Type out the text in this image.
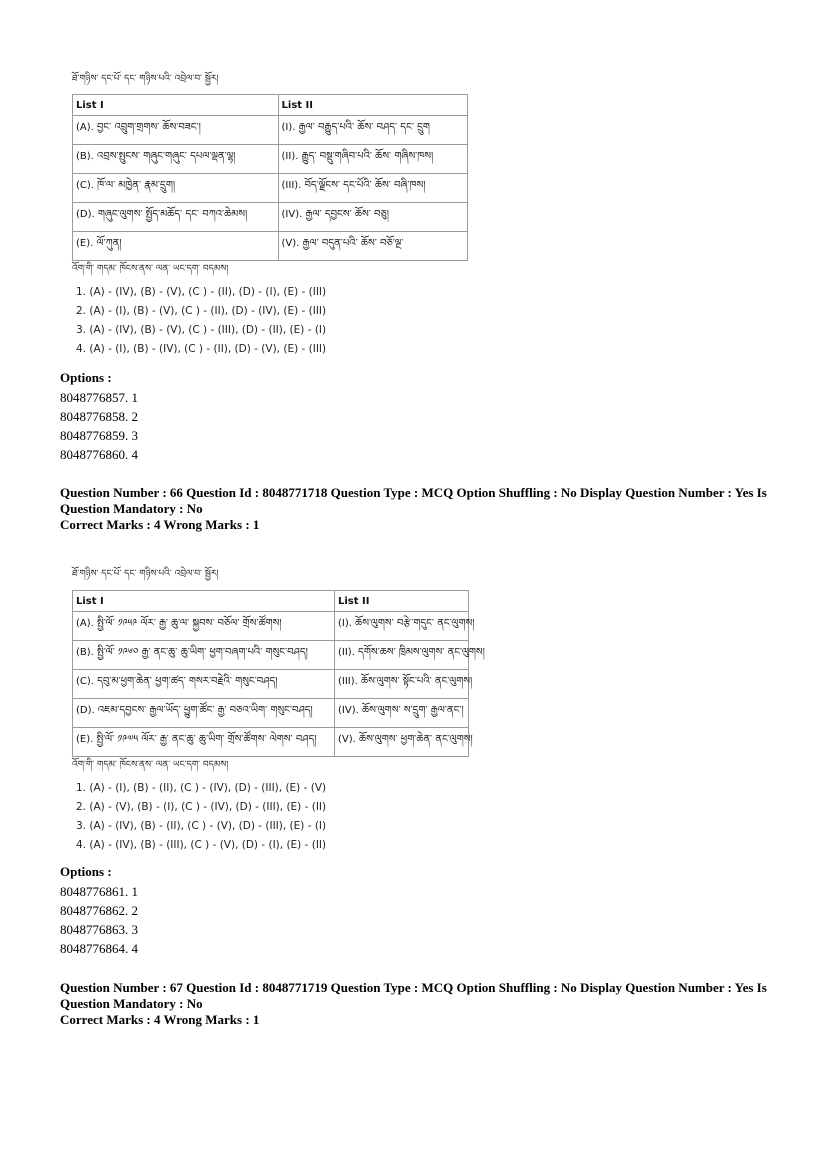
ཐོ་གཉིས་ དང་པོ་ དང་ གཉིས་པའི་ འབྲེལ་བ་ སྦྱོར།
List I	List II
(A). བྱང་ འབྲུག་གྲགས་ ཆོས་བཟང་།	(I). རྒྱལ་ བརྒྱུད་པའི་ ཆོས་ བཤད་ དང་ དྲུག
(B). འབྲས་སྤུངས་ གཞུང་གཞུང་ དཔལ་ལྡན་ལྷ།	(II). རྒྱུད་ བསྡུ་གཞིབ་པའི་ ཆོས་ གཞིས་ཁས།
(C). ཁོ་ལ་ མཁྱེན་ རྣམ་དྲུག།	(III). བོད་ལྗོངས་ དང་པོའི་ ཆོས་ བཞི་ཁས།
(D). གཞུང་ལུགས་ སྤྱོད་མཆོད་ དང་ བཀའ་ཆེམས།	(IV). རྒྱལ་ དབྱངས་ ཆོས་ བཅུ།
(E). ལོ་ཀུན།	(V). རྒྱལ་ བདུན་པའི་ ཆོས་ བཅོ་ལྔ་
འོག་གི་ གདམ་ ཁོངས་ནས་ ལན་ ཡང་དག་ བདམས།
1. (A) - (IV), (B) - (V), (C ) - (II), (D) - (I), (E) - (III)
2. (A) - (I), (B) - (V), (C ) - (II), (D) - (IV), (E) - (III)
3. (A) - (IV), (B) - (V), (C ) - (III), (D) - (II), (E) - (I)
4. (A) - (I), (B) - (IV), (C ) - (II), (D) - (V), (E) - (III)
Options :
8048776857. 1
8048776858. 2
8048776859. 3
8048776860. 4
Question Number : 66 Question Id : 8048771718 Question Type : MCQ Option Shuffling : No Display Question Number : Yes Is
Question Mandatory : No
Correct Marks : 4 Wrong Marks : 1
ཐོ་གཉིས་ དང་པོ་ དང་ གཉིས་པའི་ འབྲེལ་བ་ སྦྱོར།
List I	List II
(A). སྤྱི་ལོ་ ༡༩༥༩ ལོར་ རྒྱ་ ཆུ་ལ་ སྐྱབས་ བཅོལ་ གྲོས་ཚོགས།	(I). ཆོས་ལུགས་ བརྩེ་གདུང་ ནང་ལུགས།
(B). སྤྱི་ལོ་ ༡༩༦༠ རྒྱ་ ནང་ཆུ་ ཆུ་ཡིག་ ཕྱག་བཞག་པའི་ གསུང་བཤད།	(II). དགོས་ཆས་ ཁྲིམས་ལུགས་ ནང་ལུགས།
(C). དབུ་མ་ཕྱག་ཆེན་ ཕྱག་ཚད་ གསར་བརྗེའི་ གསུང་བཤད།	(III). ཆོས་ལུགས་ སྟོང་པའི་ ནང་ལུགས།
(D). འཇམ་དབྱངས་ རྒྱལ་ཡོད་ ཕྱུག་ཚོང་ རྒྱ་ བཅའ་ཡིག་ གསུང་བཤད།	(IV). ཆོས་ལུགས་ ས་དྲུག་ རྒྱལ་ནང་།
(E). སྤྱི་ལོ་ ༡༩༧༥ ལོར་ རྒྱ་ ནང་ཆུ་ ཆུ་ཡིག་ གྲོས་ཚོགས་ ལེགས་ བཤད།	(V). ཆོས་ལུགས་ ཕྱག་ཆེན་ ནང་ལུགས།
འོག་གི་ གདམ་ ཁོངས་ནས་ ལན་ ཡང་དག་ བདམས།
1. (A) - (I), (B) - (II), (C ) - (IV), (D) - (III), (E) - (V)
2. (A) - (V), (B) - (I), (C ) - (IV), (D) - (III), (E) - (II)
3. (A) - (IV), (B) - (II), (C ) - (V), (D) - (III), (E) - (I)
4. (A) - (IV), (B) - (III), (C ) - (V), (D) - (I), (E) - (II)
Options :
8048776861. 1
8048776862. 2
8048776863. 3
8048776864. 4
Question Number : 67 Question Id : 8048771719 Question Type : MCQ Option Shuffling : No Display Question Number : Yes Is
Question Mandatory : No
Correct Marks : 4 Wrong Marks : 1
